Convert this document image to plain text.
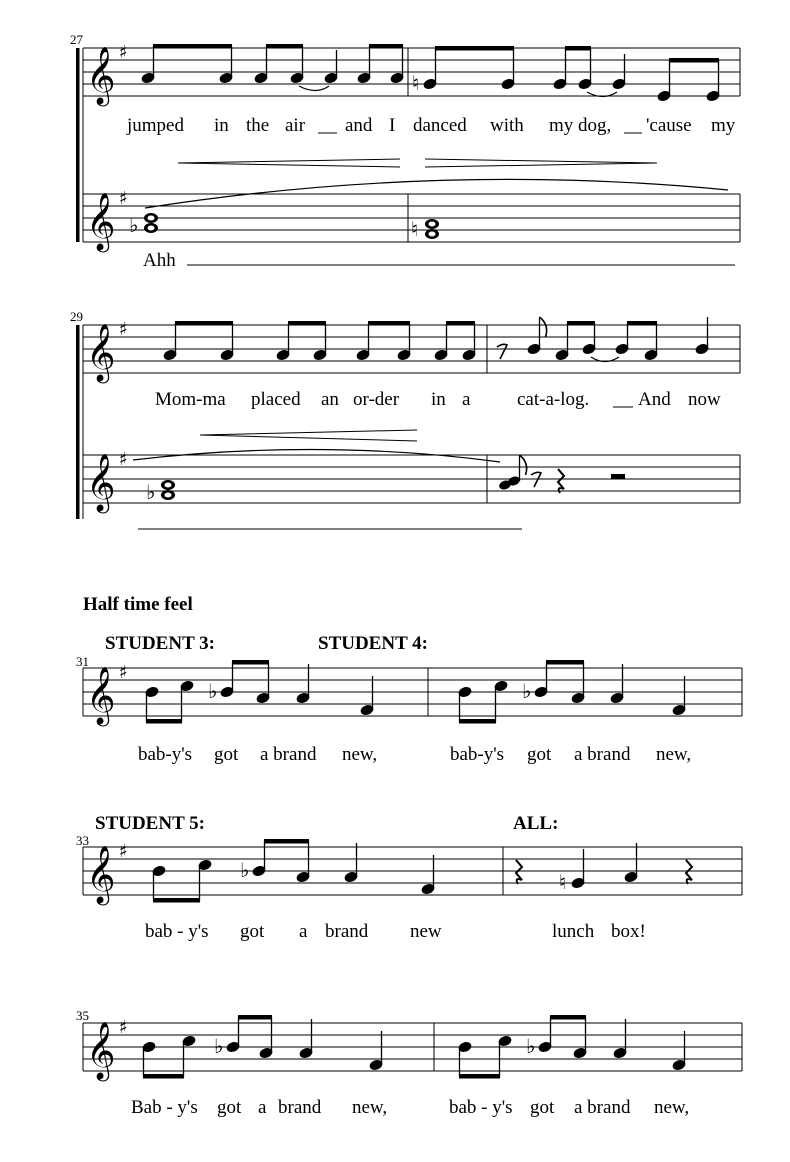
27
𝄞 ♯
♮
jumped in the air and I danced with my dog, 'cause my
𝄞 ♯
♭	♮
Ahh
29
𝄞 ♯
Mom-ma placed an or-der in a cat-a-log.	And now
𝄞 ♯
♭
Half time feel
STUDENT 3:	STUDENT 4:
31
𝄞 ♯
♭	♭
bab-y's got a brand new,	bab-y's got a brand new,
STUDENT 5:	ALL:
33
𝄞 ♯
♭	♮
bab - y's got a brand new	lunch box!
35
𝄞 ♯
♭	♭
Bab - y's got a brand new,	bab - y's got a brand new,
